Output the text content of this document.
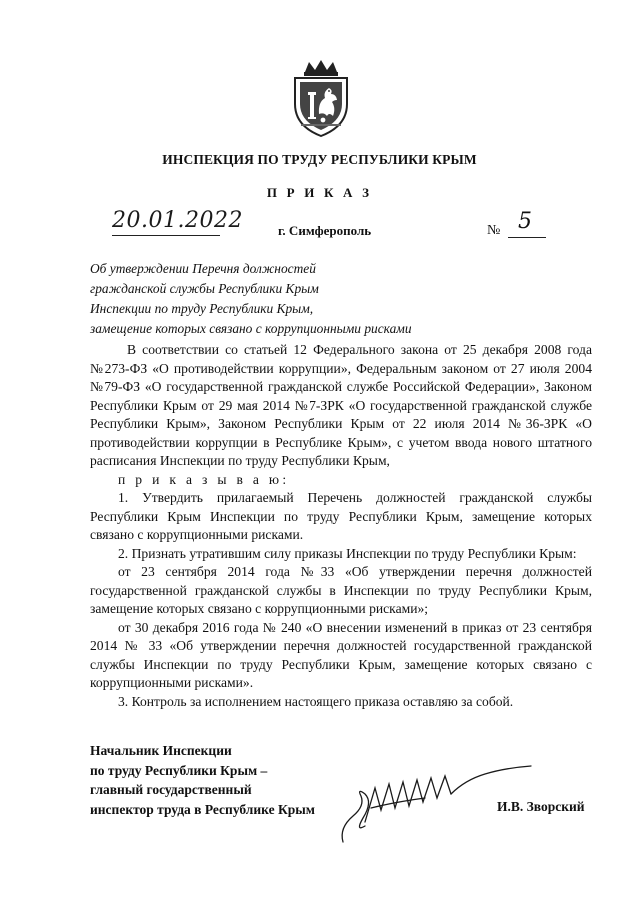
ИНСПЕКЦИЯ ПО ТРУДУ РЕСПУБЛИКИ КРЫМ
П Р И К А З
20.01.2022	г. Симферополь	№ 5
Об утверждении Перечня должностей
гражданской службы Республики Крым
Инспекции по труду Республики Крым,
замещение которых связано с коррупционными рисками

В соответствии со статьей 12 Федерального закона от 25 декабря 2008 года №273-ФЗ «О противодействии коррупции», Федеральным законом от 27 июля 2004 №79-ФЗ «О государственной гражданской службе Российской Федерации», Законом Республики Крым от 29 мая 2014 №7-ЗРК «О государственной гражданской службе Республики Крым», Законом Республики Крым от 22 июля 2014 №36-ЗРК «О противодействии коррупции в Республике Крым», с учетом ввода нового штатного расписания Инспекции по труду Республики Крым,

п р и к а з ы в а ю:

1. Утвердить прилагаемый Перечень должностей гражданской службы Республики Крым Инспекции по труду Республики Крым, замещение которых связано с коррупционными рисками.

2. Признать утратившим силу приказы Инспекции по труду Республики Крым:

от 23 сентября 2014 года №33 «Об утверждении перечня должностей государственной гражданской службы в Инспекции по труду Республики Крым, замещение которых связано с коррупционными рисками»;

от 30 декабря 2016 года № 240 «О внесении изменений в приказ от 23 сентября 2014 № 33 «Об утверждении перечня должностей государственной гражданской службы Инспекции по труду Республики Крым, замещение которых связано с коррупционными рисками».

3. Контроль за исполнением настоящего приказа оставляю за собой.

Начальник Инспекции
по труду Республики Крым –
главный государственный
инспектор труда в Республике Крым	И.В. Зворский
